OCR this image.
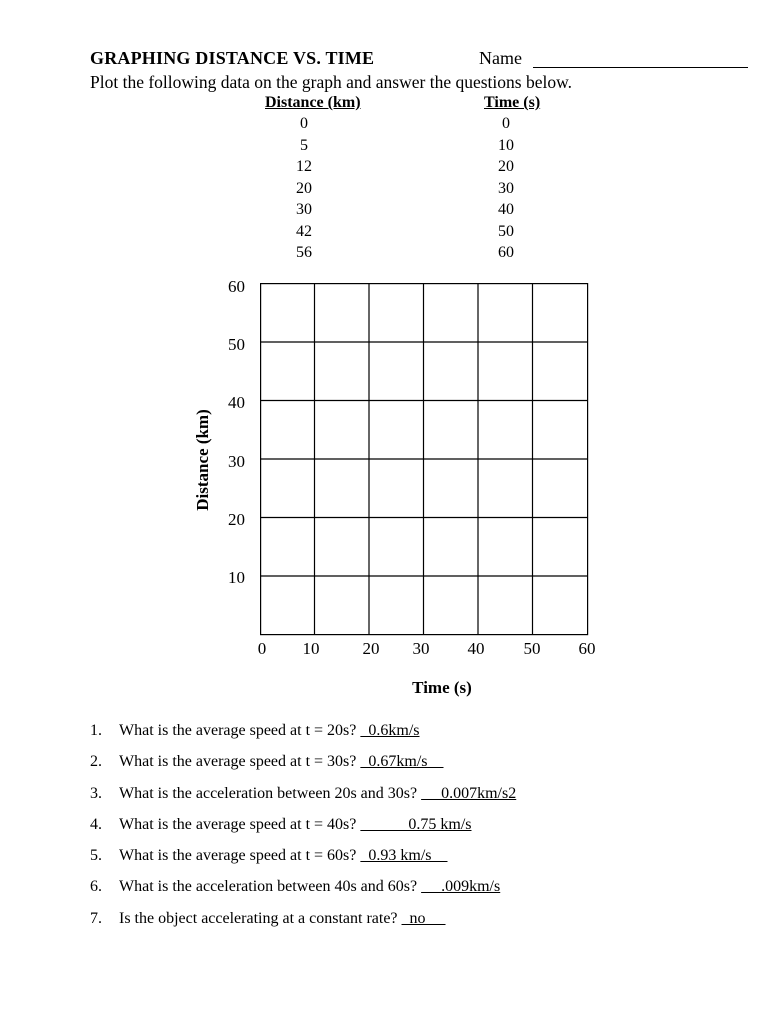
GRAPHING DISTANCE VS. TIME	Name
Plot the following data on the graph and answer the questions below.
Distance (km)	Time (s)
0	0
5	10
12	20
20	30
30	40
42	50
56	60
60
50
40
30
20
10
0	10	20	30	40	50	60
Distance (km)
Time (s)
1. What is the average speed at t = 20s?   0.6km/s
2. What is the average speed at t = 30s?   0.67km/s
3. What is the acceleration between 20s and 30s?      0.007km/s2
4. What is the average speed at t = 40s?             0.75 km/s
5. What is the average speed at t = 60s?   0.93 km/s
6. What is the acceleration between 40s and 60s?      .009km/s
7. Is the object accelerating at a constant rate?   no
